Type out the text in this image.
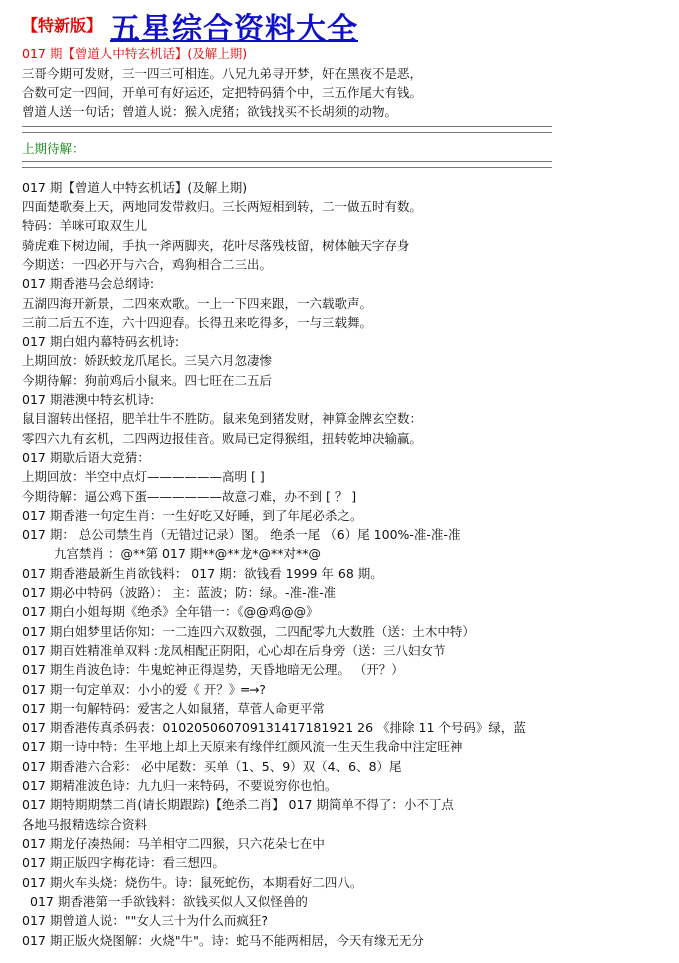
【特新版】 五星综合资料大全
017 期【曾道人中特玄机话】(及解上期)
三哥今期可发财，三一四三可相连。八兄九弟寻开梦，奸在黑夜不是恶，
合数可定一四间，开单可有好运还，定把特码猜个中，三五作尾大有钱。
曾道人送一句话；曾道人说：猴入虎猪；欲钱找买不长胡须的动物。
上期待解：
017 期【曾道人中特玄机话】(及解上期)
四面楚歌奏上天，两地同发带救归。三长两短相到转，二一做五时有数。
特码：羊咪可取双生儿
骑虎难下树边闹，手执一斧两脚夹，花叶尽落残枝留，树体触天字存身
今期送：一四必开与六合，鸡狗相合二三出。
017 期香港马会总纲诗:
五湖四海开新景，二四來欢歌。一上一下四来跟，一六载歌声。
三前二后五不连，六十四迎春。长得丑来吃得多，一与三载舞。
017 期白姐内幕特码玄机诗:
上期回放：娇跃蛟龙爪尾长。三吴六月忽凄惨
今期待解：狗前鸡后小鼠来。四七旺在二五后
017 期港澳中特玄机诗:
鼠目溜转出怪招，肥羊壮牛不胜防。鼠来兔到猪发财，神算金牌玄空数：
零四六九有玄机，二四两边报佳音。败局已定得猴组，扭转乾坤决输赢。
017 期歇后语大竞猜：
上期回放：半空中点灯——————高明 [ ]
今期待解：逼公鸡下蛋——————故意刁难，办不到 [ ？ ]
017 期香港一句定生肖：一生好吃又好睡，到了年尾必杀之。
017 期： 总公司禁生肖（无错过记录）图。 绝杀一尾 （6）尾 100%-准-准-准
九宫禁肖 ：@**第 017 期**@**龙*@**对**@
017 期香港最新生肖欲钱料： 017 期：欲钱看 1999 年 68 期。
017 期必中特码（波路）： 主：蓝波；防：绿。-准-准-准
017 期白小姐每期《绝杀》全年错一：《@@鸡@@》
017 期白姐梦里话你知：一二连四六双数强，二四配零九大数胜（送：土木中特）
017 期百姓精准单双料 :龙凤相配正阴阳，心心却在后身旁（送：三八妇女节
017 期生肖波色诗：牛鬼蛇神正得逞势，天昏地暗无公理。 （开？）
017 期一句定单双：小小的爱《 开？》═→?
017 期一句解特码：爱害之人如鼠猪，草菅人命更平常
017 期香港传真杀码表：010205060709131417181921 26 《排除 11 个号码》绿，蓝
017 期一诗中特：生平地上却上天原来有缘伴红颜风流一生天生我命中注定旺神
017 期香港六合彩： 必中尾数：买单（1、5、9）双（4、6、8）尾
017 期精准波色诗：九九归一来特码，不要说穷你也怕。
017 期特期期禁二肖(请长期跟踪)【绝杀二肖】 017 期简单不得了：小不丁点
各地马报精选综合资料
017 期龙仔凑热闹：马羊相守二四猴，只六花朵七在中
017 期正版四字梅花诗：看三想四。
017 期火车头烧：烧伤牛。诗：鼠死蛇伤，本期看好二四八。
017 期香港第一手欲钱料：欲钱买似人又似怪兽的
017 期曾道人说：""女人三十为什么而疯狂?
017 期正版火烧图解：火烧"牛"。诗：蛇马不能两相居，今天有缘无无分
